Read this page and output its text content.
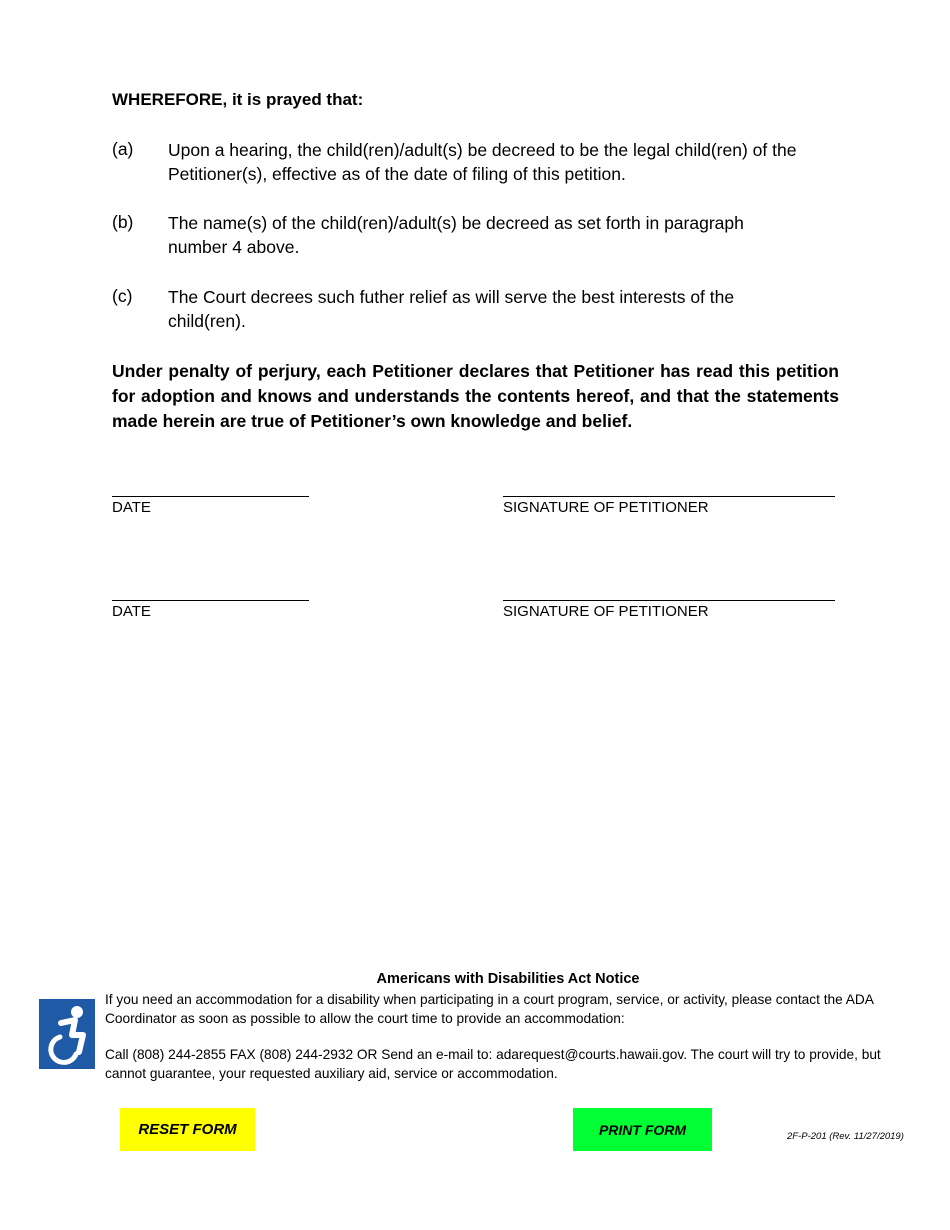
WHEREFORE, it is prayed that:
(a) Upon a hearing, the child(ren)/adult(s) be decreed to be the legal child(ren) of the Petitioner(s), effective as of the date of filing of this petition.
(b) The name(s) of the child(ren)/adult(s) be decreed as set forth in paragraph number 4 above.
(c) The Court decrees such futher relief as will serve the best interests of the child(ren).
Under penalty of perjury, each Petitioner declares that Petitioner has read this petition for adoption and knows and understands the contents hereof, and that the statements made herein are true of Petitioner’s own knowledge and belief.
DATE	SIGNATURE OF PETITIONER
DATE	SIGNATURE OF PETITIONER
Americans with Disabilities Act Notice
If you need an accommodation for a disability when participating in a court program, service, or activity, please contact the ADA Coordinator as soon as possible to allow the court time to provide an accommodation:
Call (808) 244-2855 FAX (808) 244-2932 OR Send an e-mail to: adarequest@courts.hawaii.gov. The court will try to provide, but cannot guarantee, your requested auxiliary aid, service or accommodation.
RESET FORM	PRINT FORM	2F-P-201 (Rev. 11/27/2019)
